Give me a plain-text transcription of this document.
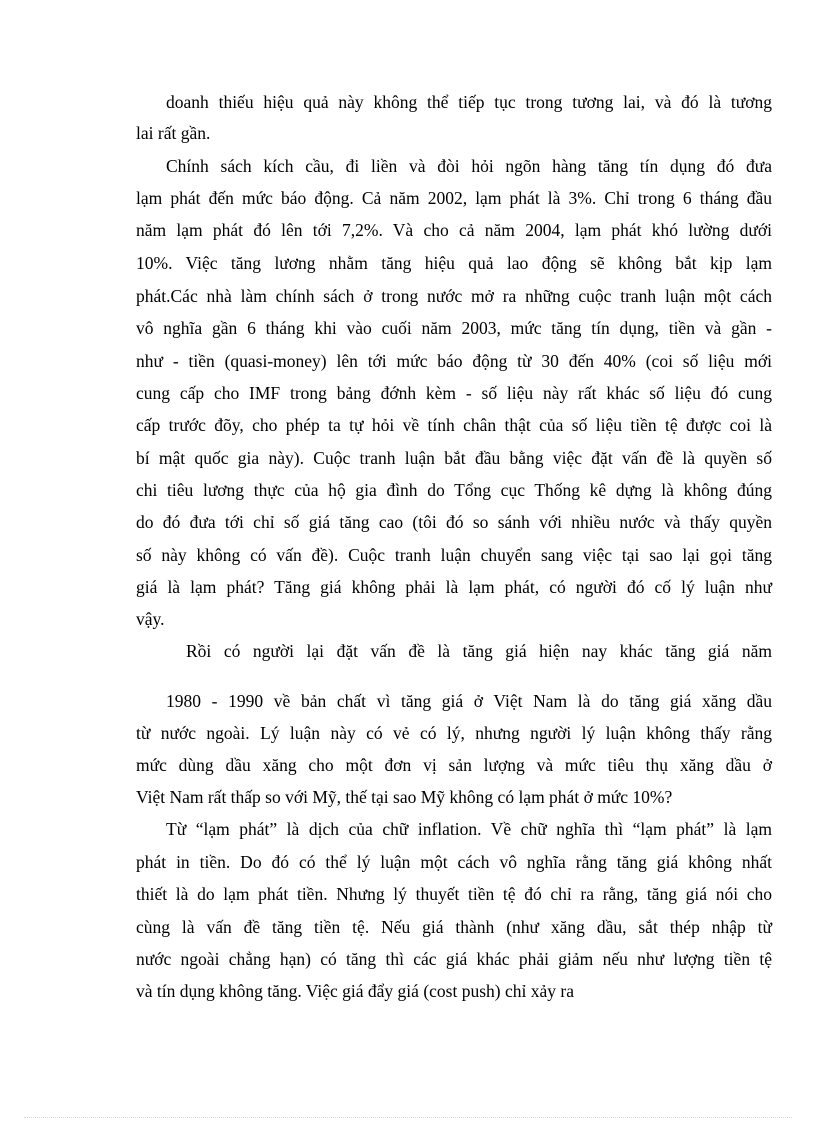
doanh thiếu hiệu quả này không thể tiếp tục trong tương lai, và đó là tương
lai rất gần.
Chính sách kích cầu, đi liền và đòi hỏi ngõn hàng tăng tín dụng đó đưa
lạm phát đến mức báo động. Cả năm 2002, lạm phát là 3%. Chỉ trong 6 tháng đầu
năm lạm phát đó lên tới 7,2%. Và cho cả năm 2004, lạm phát khó lường dưới
10%. Việc tăng lương nhằm tăng hiệu quả lao động sẽ không bắt kịp lạm
phát.Các nhà làm chính sách ở trong nước mở ra những cuộc tranh luận một cách
vô nghĩa gần 6 tháng khi vào cuối năm 2003, mức tăng tín dụng, tiền và gần -
như - tiền (quasi-money) lên tới mức báo động từ 30 đến 40% (coi số liệu mới
cung cấp cho IMF trong bảng đớnh kèm - số liệu này rất khác số liệu đó cung
cấp trước đõy, cho phép ta tự hỏi về tính chân thật của số liệu tiền tệ được coi là
bí mật quốc gia này). Cuộc tranh luận bắt đầu bằng việc đặt vấn đề là quyền số
chi tiêu lương thực của hộ gia đình do Tổng cục Thống kê dựng là không đúng
do đó đưa tới chỉ số giá tăng cao (tôi đó so sánh với nhiều nước và thấy quyền
số này không có vấn đề). Cuộc tranh luận chuyển sang việc tại sao lại gọi tăng
giá là lạm phát? Tăng giá không phải là lạm phát, có người đó cố lý luận như
vậy.
Rồi có người lại đặt vấn đề là tăng giá hiện nay khác tăng giá năm
1980 - 1990 về bản chất vì tăng giá ở Việt Nam là do tăng giá xăng dầu
từ nước ngoài. Lý luận này có vẻ có lý, nhưng người lý luận không thấy rằng
mức dùng dầu xăng cho một đơn vị sản lượng và mức tiêu thụ xăng dầu ở
Việt Nam rất thấp so với Mỹ, thế tại sao Mỹ không có lạm phát ở mức 10%?
Từ “lạm phát” là dịch của chữ inflation. Về chữ nghĩa thì “lạm phát” là lạm
phát in tiền. Do đó có thể lý luận một cách vô nghĩa rằng tăng giá không nhất
thiết là do lạm phát tiền. Nhưng lý thuyết tiền tệ đó chỉ ra rằng, tăng giá nói cho
cùng là vấn đề tăng tiền tệ. Nếu giá thành (như xăng dầu, sắt thép nhập từ
nước ngoài chẳng hạn) có tăng thì các giá khác phải giảm nếu như lượng tiền tệ
và tín dụng không tăng. Việc giá đẩy giá (cost push) chỉ xảy ra
